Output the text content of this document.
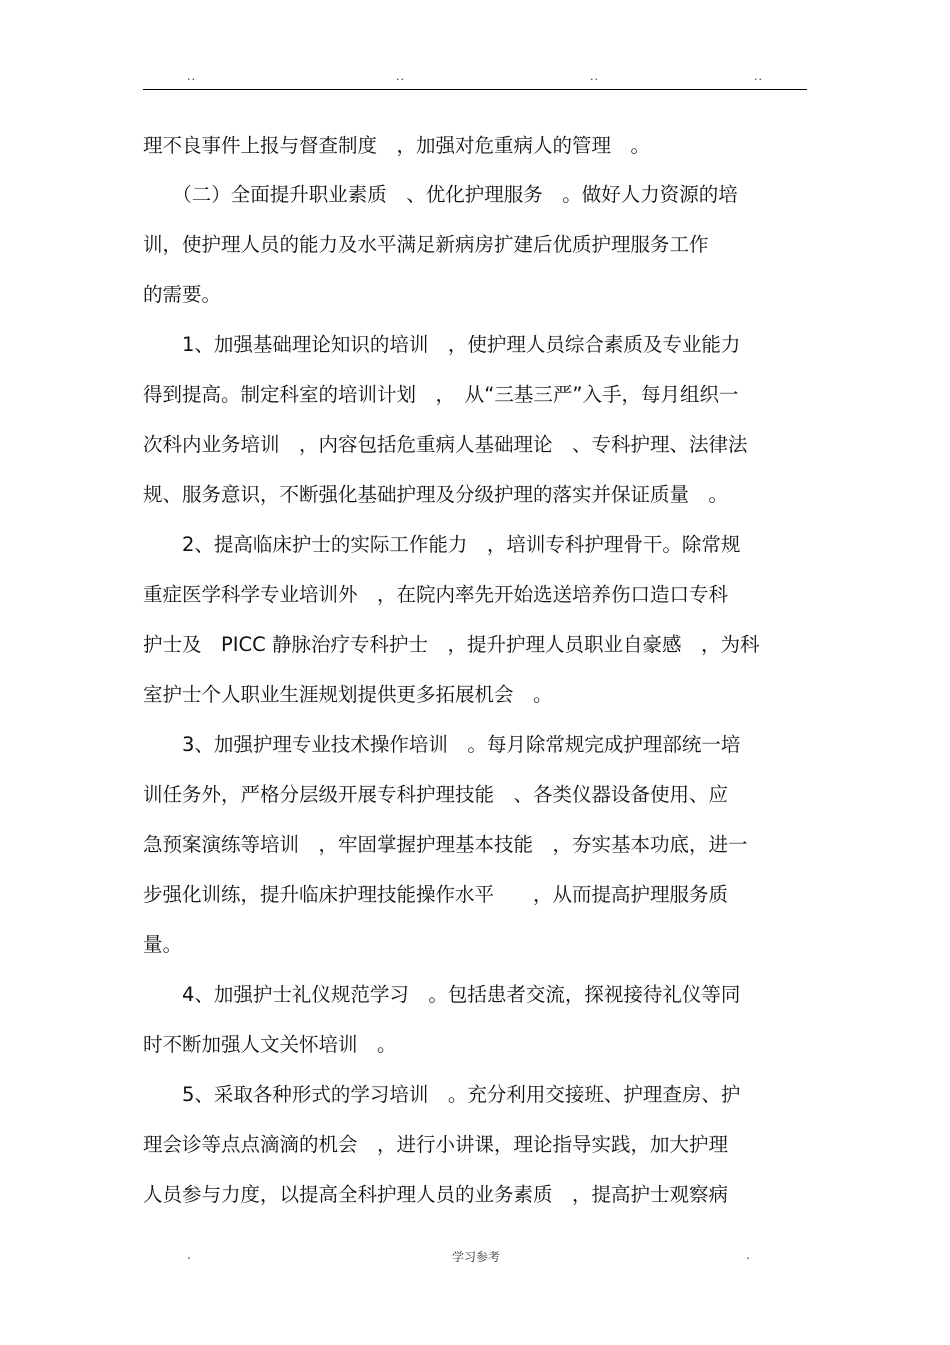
..	..	..	..
理不良事件上报与督查制度　，加强对危重病人的管理　。
　　（二）全面提升职业素质　、优化护理服务　。做好人力资源的培
训，使护理人员的能力及水平满足新病房扩建后优质护理服务工作
的需要。
　　1、加强基础理论知识的培训　，使护理人员综合素质及专业能力
得到提高。制定科室的培训计划　，　从“三基三严”入手，每月组织一
次科内业务培训　，内容包括危重病人基础理论　、专科护理、法律法
规、服务意识，不断强化基础护理及分级护理的落实并保证质量　。
　　2、提高临床护士的实际工作能力　，培训专科护理骨干。除常规
重症医学科学专业培训外　，在院内率先开始选送培养伤口造口专科
护士及　PICC 静脉治疗专科护士　，提升护理人员职业自豪感　，为科
室护士个人职业生涯规划提供更多拓展机会　。
　　3、加强护理专业技术操作培训　。每月除常规完成护理部统一培
训任务外，严格分层级开展专科护理技能　、各类仪器设备使用、应
急预案演练等培训　，牢固掌握护理基本技能　，夯实基本功底，进一
步强化训练，提升临床护理技能操作水平　　，从而提高护理服务质
量。
　　4、加强护士礼仪规范学习　。包括患者交流，探视接待礼仪等同
时不断加强人文关怀培训　。
　　5、采取各种形式的学习培训　。充分利用交接班、护理查房、护
理会诊等点点滴滴的机会　，进行小讲课，理论指导实践，加大护理
人员参与力度，以提高全科护理人员的业务素质　，提高护士观察病
.	学习参考	.
